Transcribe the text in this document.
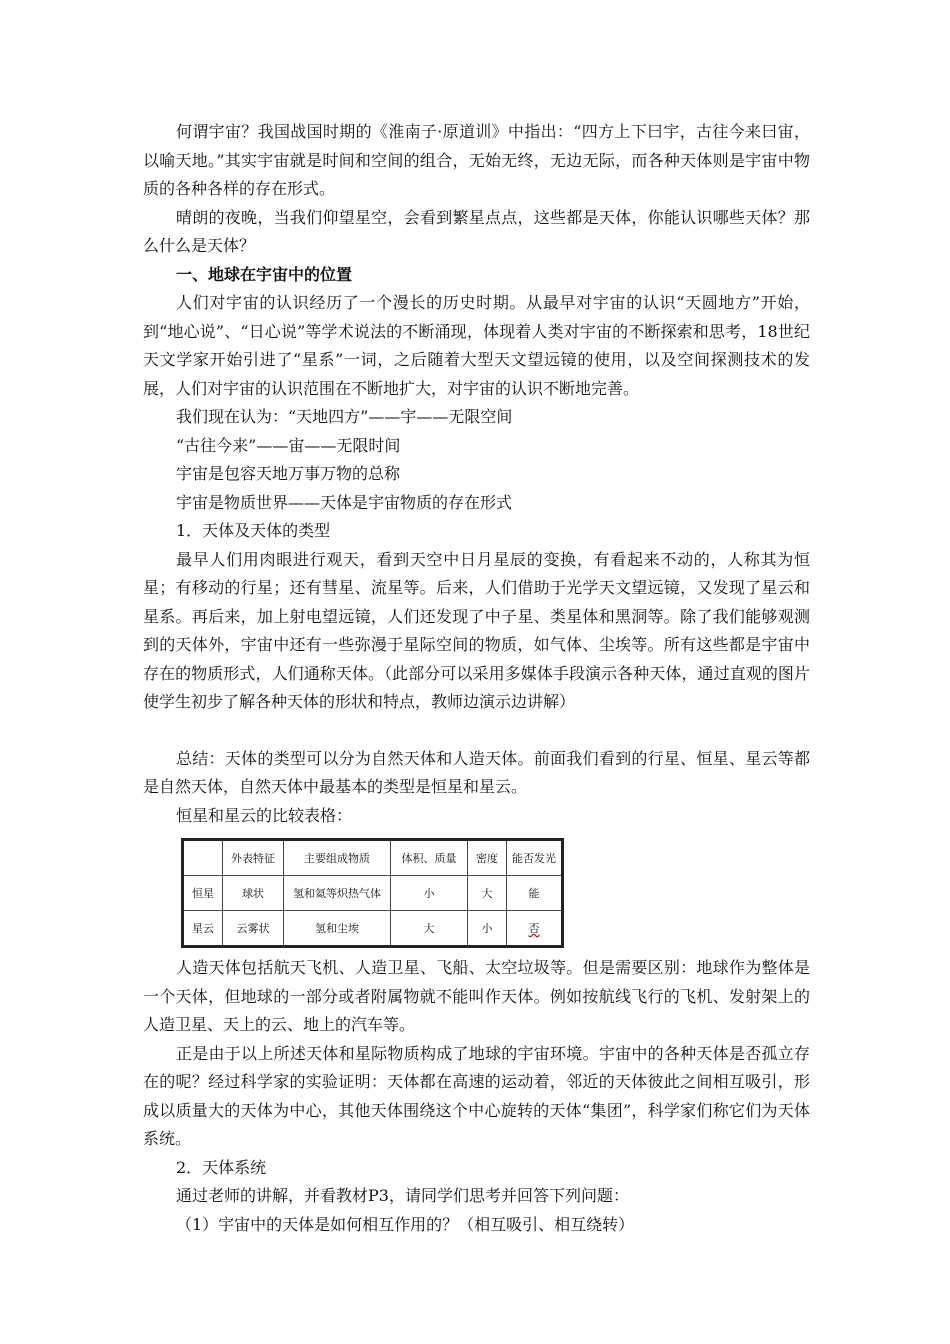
何谓宇宙？我国战国时期的《淮南子·原道训》中指出：“四方上下曰宇，古往今来曰宙，以喻天地。”其实宇宙就是时间和空间的组合，无始无终，无边无际，而各种天体则是宇宙中物质的各种各样的存在形式。

晴朗的夜晚，当我们仰望星空，会看到繁星点点，这些都是天体，你能认识哪些天体？那么什么是天体？

一、地球在宇宙中的位置

人们对宇宙的认识经历了一个漫长的历史时期。从最早对宇宙的认识“天圆地方”开始，到“地心说”、“日心说”等学术说法的不断涌现，体现着人类对宇宙的不断探索和思考，18世纪天文学家开始引进了“星系”一词，之后随着大型天文望远镜的使用，以及空间探测技术的发展，人们对宇宙的认识范围在不断地扩大，对宇宙的认识不断地完善。

我们现在认为：“天地四方”——宇——无限空间

“古往今来”——宙——无限时间

宇宙是包容天地万事万物的总称

宇宙是物质世界——天体是宇宙物质的存在形式

1．天体及天体的类型

最早人们用肉眼进行观天，看到天空中日月星辰的变换，有看起来不动的，人称其为恒星；有移动的行星；还有彗星、流星等。后来，人们借助于光学天文望远镜，又发现了星云和星系。再后来，加上射电望远镜，人们还发现了中子星、类星体和黑洞等。除了我们能够观测到的天体外，宇宙中还有一些弥漫于星际空间的物质，如气体、尘埃等。所有这些都是宇宙中存在的物质形式，人们通称天体。（此部分可以采用多媒体手段演示各种天体，通过直观的图片使学生初步了解各种天体的形状和特点，教师边演示边讲解）

总结：天体的类型可以分为自然天体和人造天体。前面我们看到的行星、恒星、星云等都是自然天体，自然天体中最基本的类型是恒星和星云。

恒星和星云的比较表格：

	外表特征	主要组成物质	体积、质量	密度	能否发光
恒星	球状	氢和氦等炽热气体	小	大	能
星云	云雾状	氢和尘埃	大	小	否

人造天体包括航天飞机、人造卫星、飞船、太空垃圾等。但是需要区别：地球作为整体是一个天体，但地球的一部分或者附属物就不能叫作天体。例如按航线飞行的飞机、发射架上的人造卫星、天上的云、地上的汽车等。

正是由于以上所述天体和星际物质构成了地球的宇宙环境。宇宙中的各种天体是否孤立存在的呢？经过科学家的实验证明：天体都在高速的运动着，邻近的天体彼此之间相互吸引，形成以质量大的天体为中心，其他天体围绕这个中心旋转的天体“集团”，科学家们称它们为天体系统。

2．天体系统

通过老师的讲解，并看教材P3，请同学们思考并回答下列问题：

（1）宇宙中的天体是如何相互作用的？（相互吸引、相互绕转）
